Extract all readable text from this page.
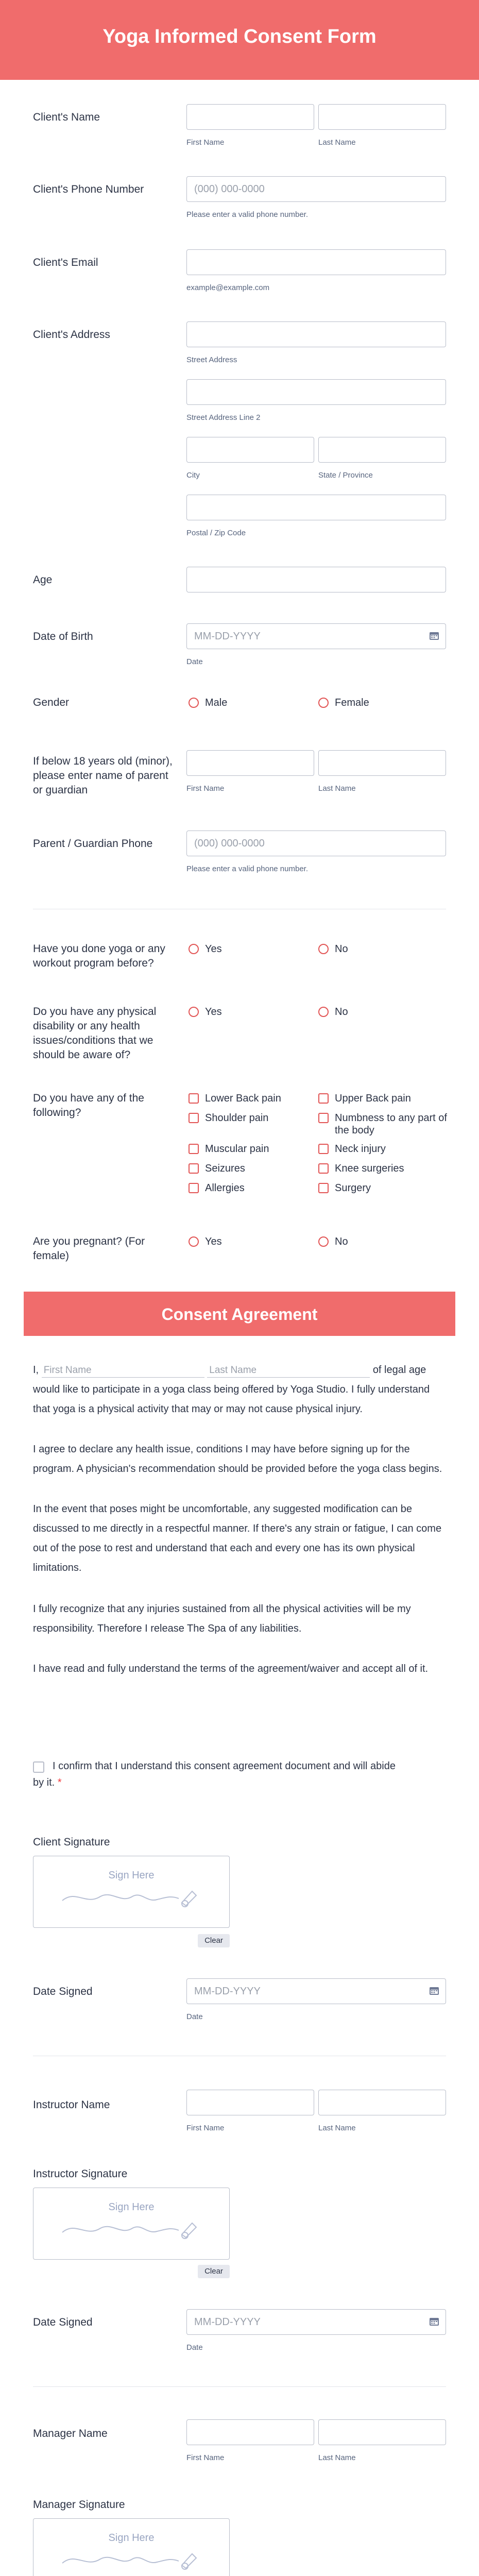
Yoga Informed Consent Form
Client's Name
First Name	Last Name
Client's Phone Number	(000) 000-0000
Please enter a valid phone number.
Client's Email
example@example.com
Client's Address
Street Address
Street Address Line 2
City	State / Province
Postal / Zip Code
Age
Date of Birth	MM-DD-YYYY
Date
Gender	Male	Female
If below 18 years old (minor), please enter name of parent or guardian	First Name	Last Name
Parent / Guardian Phone	(000) 000-0000
Please enter a valid phone number.
Have you done yoga or any workout program before?
Yes	No
Do you have any physical disability or any health issues/conditions that we should be aware of?
Yes	No
Do you have any of the following?
Lower Back pain	Upper Back pain
Shoulder pain	Numbness to any part of the body
Muscular pain	Neck injury
Seizures	Knee surgeries
Allergies	Surgery
Are you pregnant? (For female)
Yes	No
Consent Agreement
I, First Name	Last Name	of legal age would like to participate in a yoga class being offered by Yoga Studio. I fully understand that yoga is a physical activity that may or may not cause physical injury.
I agree to declare any health issue, conditions I may have before signing up for the program. A physician's recommendation should be provided before the yoga class begins.
In the event that poses might be uncomfortable, any suggested modification can be discussed to me directly in a respectful manner. If there's any strain or fatigue, I can come out of the pose to rest and understand that each and every one has its own physical limitations.
I fully recognize that any injuries sustained from all the physical activities will be my responsibility. Therefore I release The Spa of any liabilities.
I have read and fully understand the terms of the agreement/waiver and accept all of it.
I confirm that I understand this consent agreement document and will abide by it. *
Client Signature
Sign Here
Clear
Date Signed	MM-DD-YYYY
Date
Instructor Name
First Name	Last Name
Instructor Signature
Sign Here
Clear
Date Signed	MM-DD-YYYY
Date
Manager Name
First Name	Last Name
Manager Signature
Sign Here
